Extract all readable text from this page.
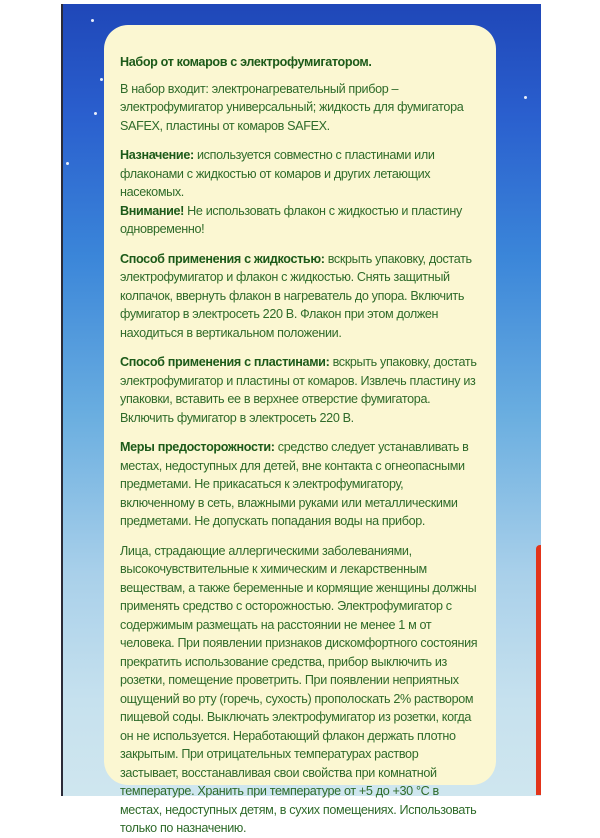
Набор от комаров с электрофумигатором.

В набор входит: электронагревательный прибор – электрофумигатор универсальный; жидкость для фумигатора SAFEX, пластины от комаров SAFEX.

Назначение: используется совместно с пластинами или флаконами с жидкостью от комаров и других летающих насекомых.

Внимание! Не использовать флакон с жидкостью и пластину одновременно!

Способ применения с жидкостью: вскрыть упаковку, достать электрофумигатор и флакон с жидкостью. Снять защитный колпачок, ввернуть флакон в нагреватель до упора. Включить фумигатор в электросеть 220 В. Флакон при этом должен находиться в вертикальном положении.

Способ применения с пластинами: вскрыть упаковку, достать электрофумигатор и пластины от комаров. Извлечь пластину из упаковки, вставить ее в верхнее отверстие фумигатора. Включить фумигатор в электросеть 220 В.

Меры предосторожности: средство следует устанавливать в местах, недоступных для детей, вне контакта с огнеопасными предметами. Не прикасаться к электрофумигатору, включенному в сеть, влажными руками или металлическими предметами. Не допускать попадания воды на прибор.

Лица, страдающие аллергическими заболеваниями, высокочувствительные к химическим и лекарственным веществам, а также беременные и кормящие женщины должны применять средство с осторожностью. Электрофумигатор с содержимым размещать на расстоянии не менее 1 м от человека. При появлении признаков дискомфортного состояния прекратить использование средства, прибор выключить из розетки, помещение проветрить. При появлении неприятных ощущений во рту (горечь, сухость) прополоскать 2% раствором пищевой соды. Выключать электрофумигатор из розетки, когда он не используется. Неработающий флакон держать плотно закрытым. При отрицательных температурах раствор застывает, восстанавливая свои свойства при комнатной температуре. Хранить при температуре от +5 до +30 °С в местах, недоступных детям, в сухих помещениях. Использовать только по назначению.
